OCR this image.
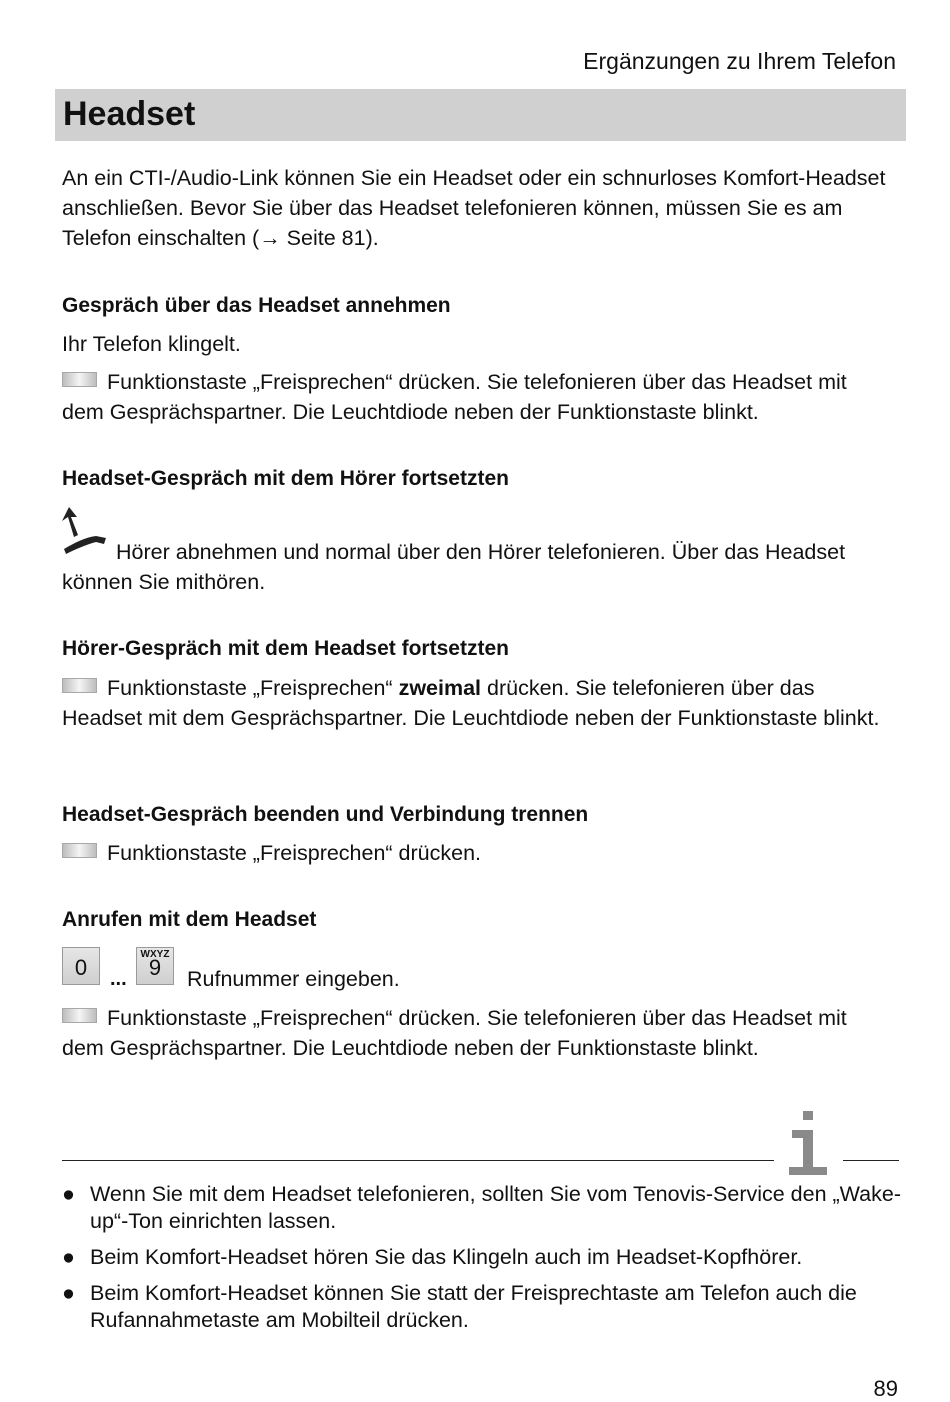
Ergänzungen zu Ihrem Telefon
Headset
An ein CTI-/Audio-Link können Sie ein Headset oder ein schnurloses Komfort-Headset anschließen. Bevor Sie über das Headset telefonieren können, müssen Sie es am Telefon einschalten (→ Seite 81).
Gespräch über das Headset annehmen
Ihr Telefon klingelt.
Funktionstaste „Freisprechen“ drücken. Sie telefonieren über das Headset mit dem Gesprächspartner. Die Leuchtdiode neben der Funktionstaste blinkt.
Headset-Gespräch mit dem Hörer fortsetzten
Hörer abnehmen und normal über den Hörer telefonieren. Über das Headset können Sie mithören.
Hörer-Gespräch mit dem Headset fortsetzten
Funktionstaste „Freisprechen“ zweimal drücken. Sie telefonieren über das Headset mit dem Gesprächspartner. Die Leuchtdiode neben der Funktionstaste blinkt.
Headset-Gespräch beenden und Verbindung trennen
Funktionstaste „Freisprechen“ drücken.
Anrufen mit dem Headset
0	...
WXYZ
9	Rufnummer eingeben.
Funktionstaste „Freisprechen“ drücken. Sie telefonieren über das Headset mit dem Gesprächspartner. Die Leuchtdiode neben der Funktionstaste blinkt.
● Wenn Sie mit dem Headset telefonieren, sollten Sie vom Tenovis-Service den „Wake-up“-Ton einrichten lassen.
● Beim Komfort-Headset hören Sie das Klingeln auch im Headset-Kopfhörer.
● Beim Komfort-Headset können Sie statt der Freisprechtaste am Telefon auch die Rufannahmetaste am Mobilteil drücken.
89
